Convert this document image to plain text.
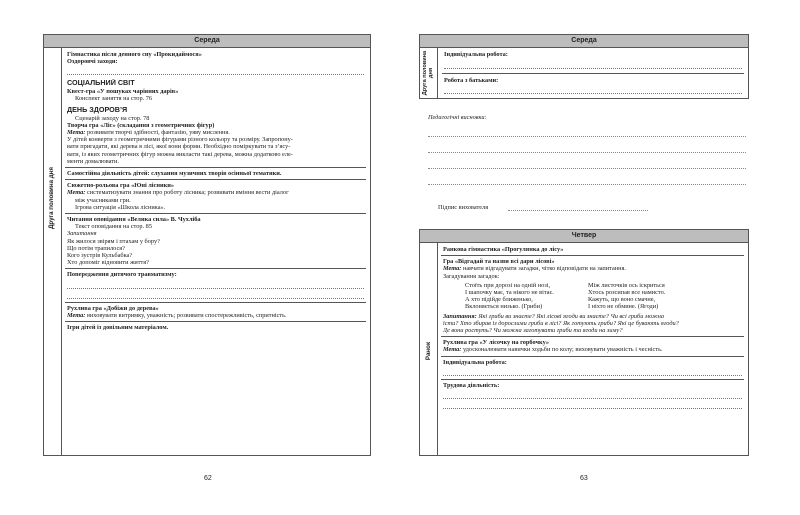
Середа
Друга половина дня
Гімнастика після денного сну «Прокидаймося»
Оздоровчі заходи:
СОЦІАЛЬНИЙ СВІТ
Квест-гра «У пошуках чарівних дарів»
Конспект заняття на стор. 76
ДЕНЬ ЗДОРОВ’Я
Сценарій заходу на стор. 78
Творча гра «Ліс» (складання з геометричних фігур)
Мета: розвивати творчі здібності, фантазію, уяву мислення.
У дітей конверти з геометричними фігурами різного кольору та розміру. Запропону-
вати пригадати, які дерева в лісі, якої вони форми. Необхідно поміркувати та з’ясу-
вати, із яких геометричних фігур можна викласти такі дерева, можна додатково еле-
менти домалювати.
Самостійна діяльність дітей: слухання музичних творів осінньої тематики.
Сюжетно-рольова гра «Юні лісники»
Мета: систематизувати знання про роботу лісника; розвивати вміння вести діалог
між учасниками гри.
Ігрова ситуація «Школа лісника».
Читання оповідання «Велика сила» В. Чухліба
Текст оповідання на стор. 85
Запитання
Як жилося звірям і птахам у бору?
Що потім трапилося?
Кого зустрів Кульбабка?
Хто допоміг відновити життя?
Попередження дитячого травматизму:
Рухлива гра «Добіжи до дерева»
Мета: виховувати витримку, уважність; розвивати спостережливість, спритність.
Ігри дітей із довільним матеріалом.
62
Середа
Друга половина дня
Індивідуальна робота:
Робота з батьками:
Педагогічні висновки:
Підпис вихователя
Четвер
Ранок
Ранкова гімнастика «Прогулянка до лісу»
Гра «Відгадай та назви всі дари лісові»
Мета: навчати відгадувати загадки, чітко відповідати на запитання.
Загадування загадок:
Стоїть при дорозі на одній нозі,	Між листочків ось іскриться
І шапочку має, та нікого не вітає.	Хтось розсипав все намисто.
А хто підійде ближенько,	Кажуть, що воно смачне,
Вклоняється низько. (Гриби)	І ніхто не обмине. (Ягоди)
Запитання: Які гриби ви знаєте? Які лісові ягоди ви знаєте? Чи всі гриби можна
їсти? Хто збирав із дорослими гриби в лісі? Як готують гриби? Які це бувають ягоди?
Де вони ростуть? Чи можна заготувати гриби та ягоди на зиму?
Рухлива гра «У лісочку на горбочку»
Мета: удосконалювати навички ходьби по колу; виховувати уважність і чесність.
Індивідуальна робота:
Трудова діяльність:
63
